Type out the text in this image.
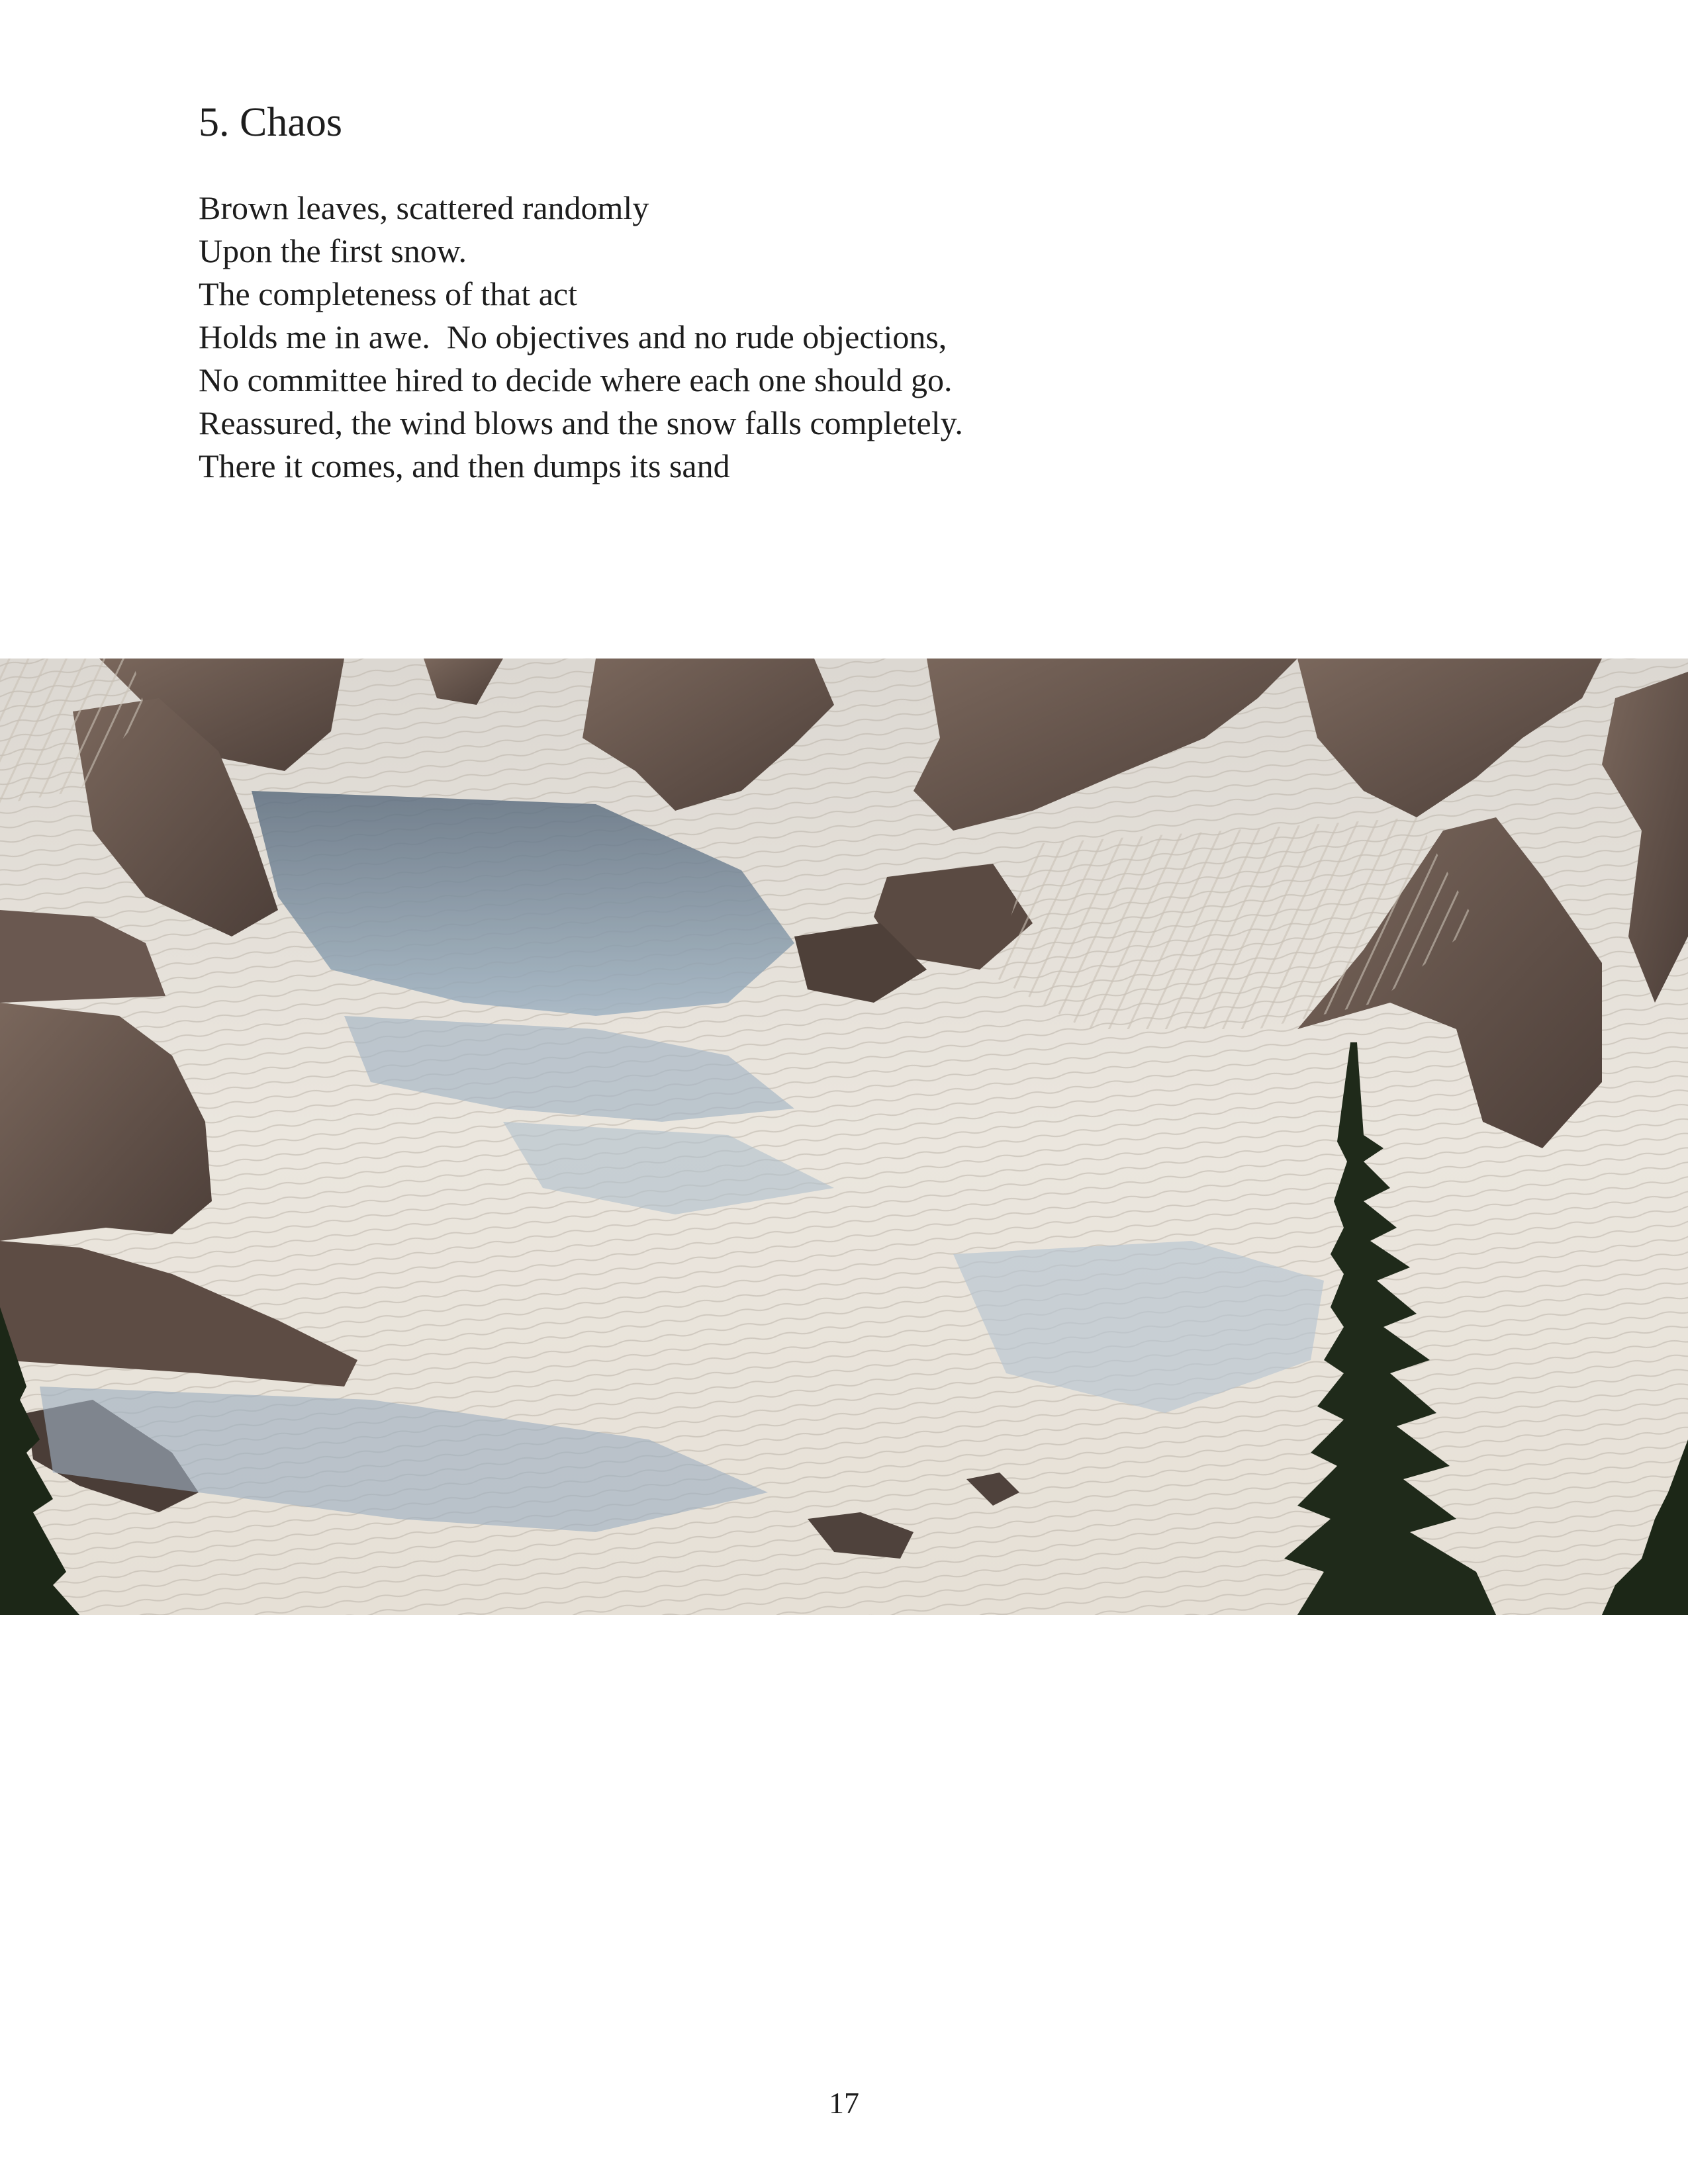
5. Chaos
Brown leaves, scattered randomly
Upon the first snow.
The completeness of that act
Holds me in awe.  No objectives and no rude objections,
No committee hired to decide where each one should go.
Reassured, the wind blows and the snow falls completely.
There it comes, and then dumps its sand
17
